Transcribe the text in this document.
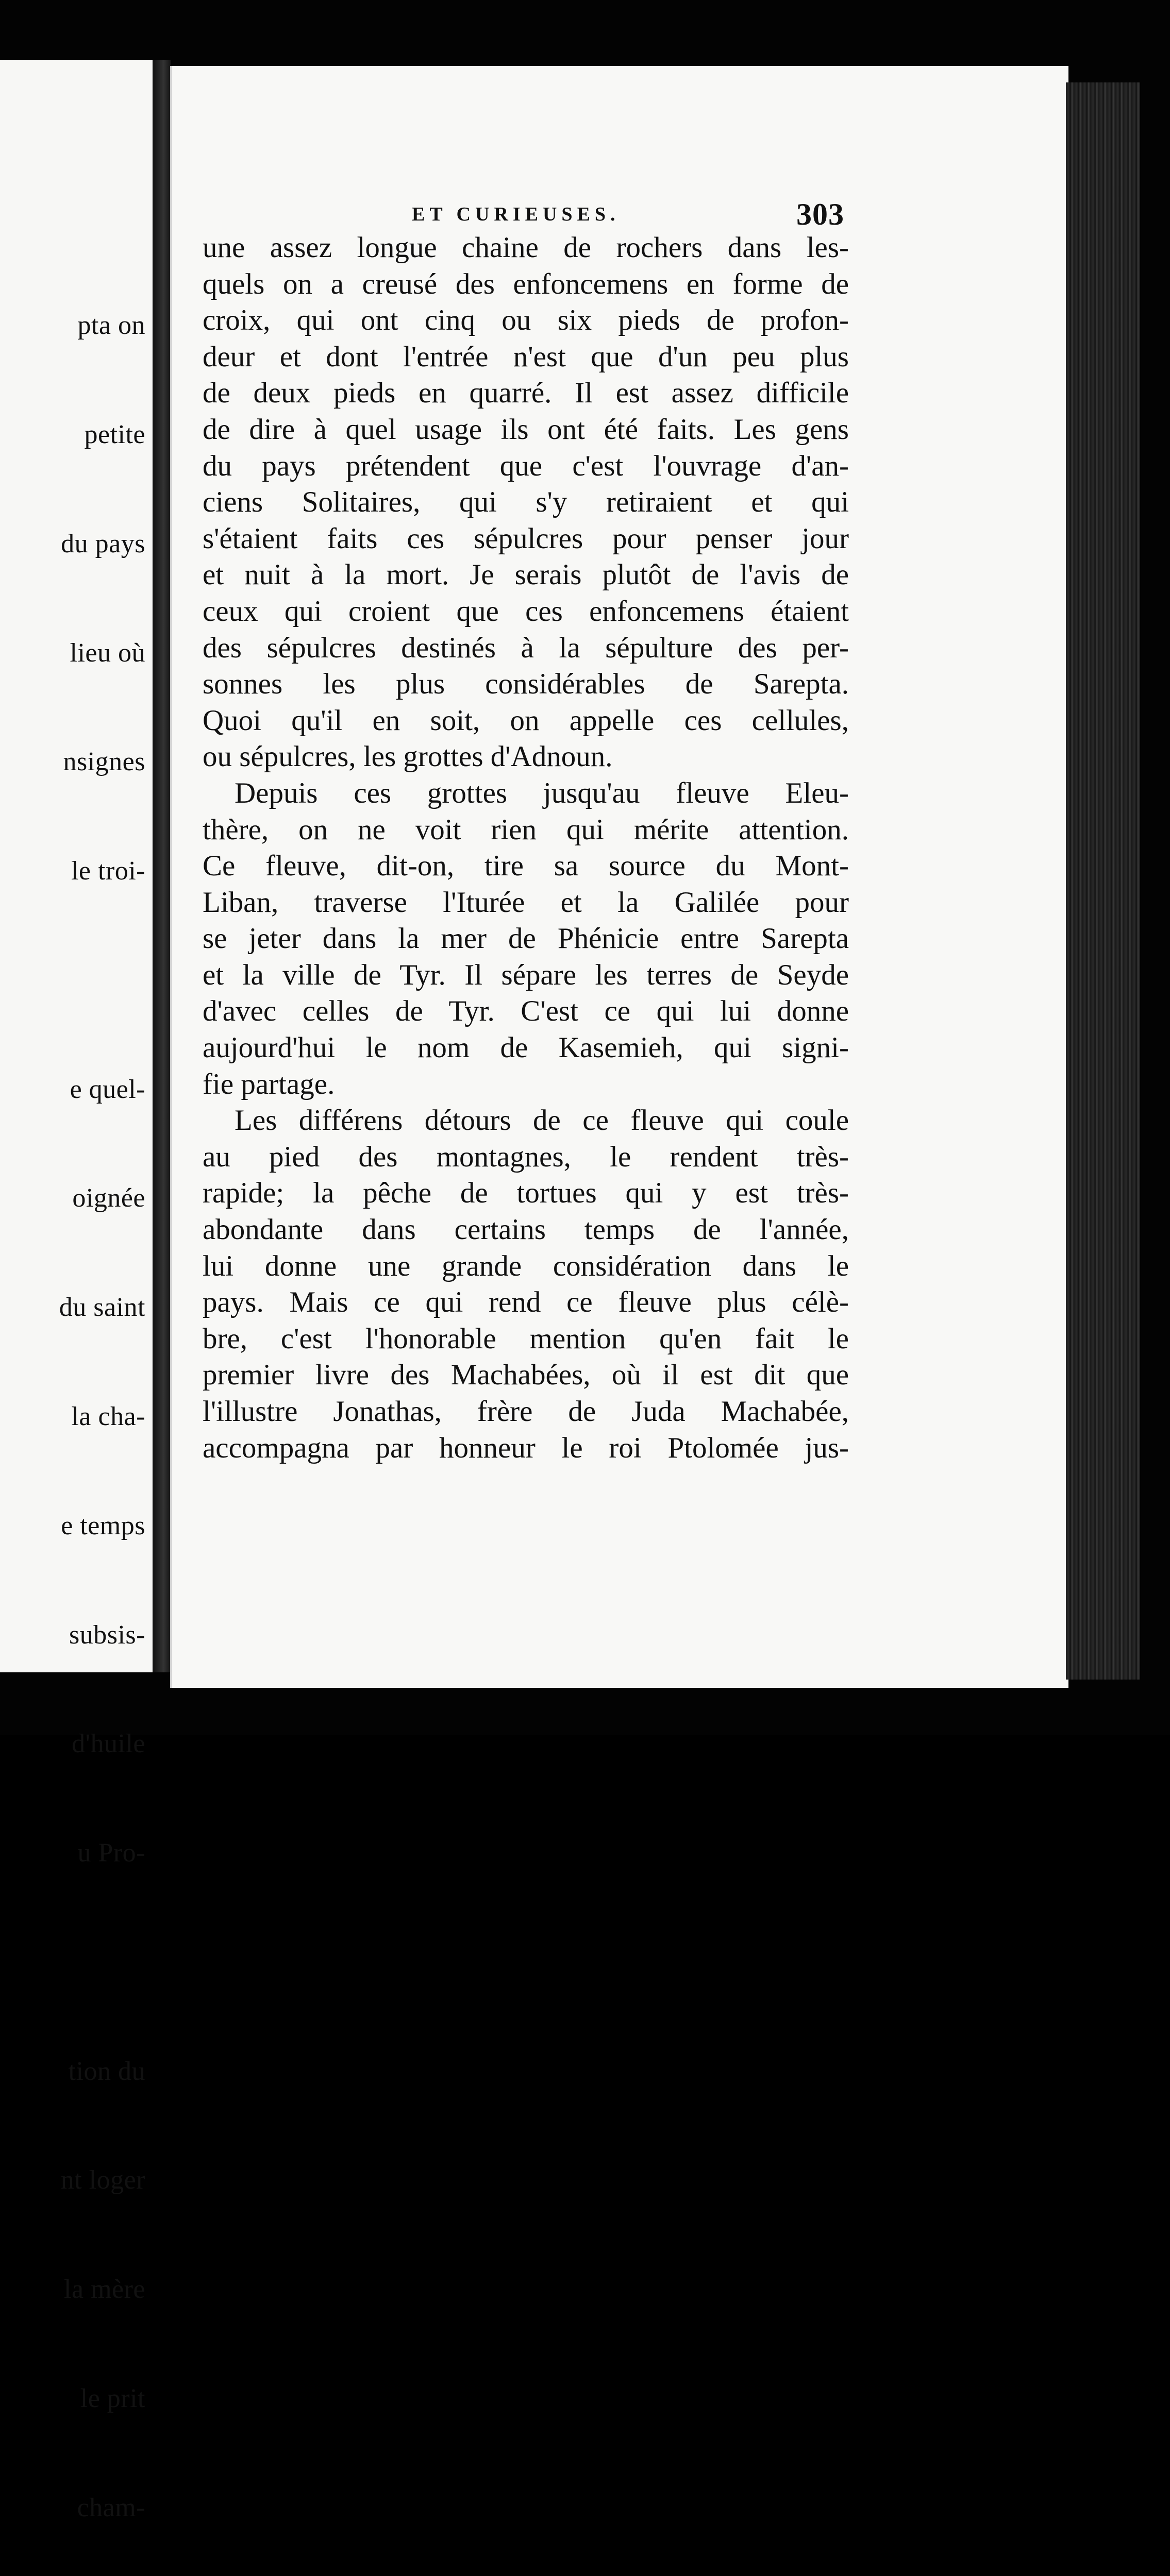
pta on

petite

du pays

lieu où

nsignes

le troi-

e quel-

oignée

du saint

la cha-

e temps

subsis-

d'huile

u Pro-

tion du

nt loger

la mère

le prit

cham-

ET CURIEUSES.	303
une assez longue chaine de rochers dans les-
quels on a creusé des enfoncemens en forme de
croix, qui ont cinq ou six pieds de profon-
deur et dont l'entrée n'est que d'un peu plus
de deux pieds en quarré. Il est assez difficile
de dire à quel usage ils ont été faits. Les gens
du pays prétendent que c'est l'ouvrage d'an-
ciens Solitaires, qui s'y retiraient et qui
s'étaient faits ces sépulcres pour penser jour
et nuit à la mort. Je serais plutôt de l'avis de
ceux qui croient que ces enfoncemens étaient
des sépulcres destinés à la sépulture des per-
sonnes les plus considérables de Sarepta.
Quoi qu'il en soit, on appelle ces cellules,
ou sépulcres, les grottes d'Adnoun.
Depuis ces grottes jusqu'au fleuve Eleu-
thère, on ne voit rien qui mérite attention.
Ce fleuve, dit-on, tire sa source du Mont-
Liban, traverse l'Iturée et la Galilée pour
se jeter dans la mer de Phénicie entre Sarepta
et la ville de Tyr. Il sépare les terres de Seyde
d'avec celles de Tyr. C'est ce qui lui donne
aujourd'hui le nom de Kasemieh, qui signi-
fie partage.
Les différens détours de ce fleuve qui coule
au pied des montagnes, le rendent très-
rapide; la pêche de tortues qui y est très-
abondante dans certains temps de l'année,
lui donne une grande considération dans le
pays. Mais ce qui rend ce fleuve plus célè-
bre, c'est l'honorable mention qu'en fait le
premier livre des Machabées, où il est dit que
l'illustre Jonathas, frère de Juda Machabée,
accompagna par honneur le roi Ptolomée jus-
